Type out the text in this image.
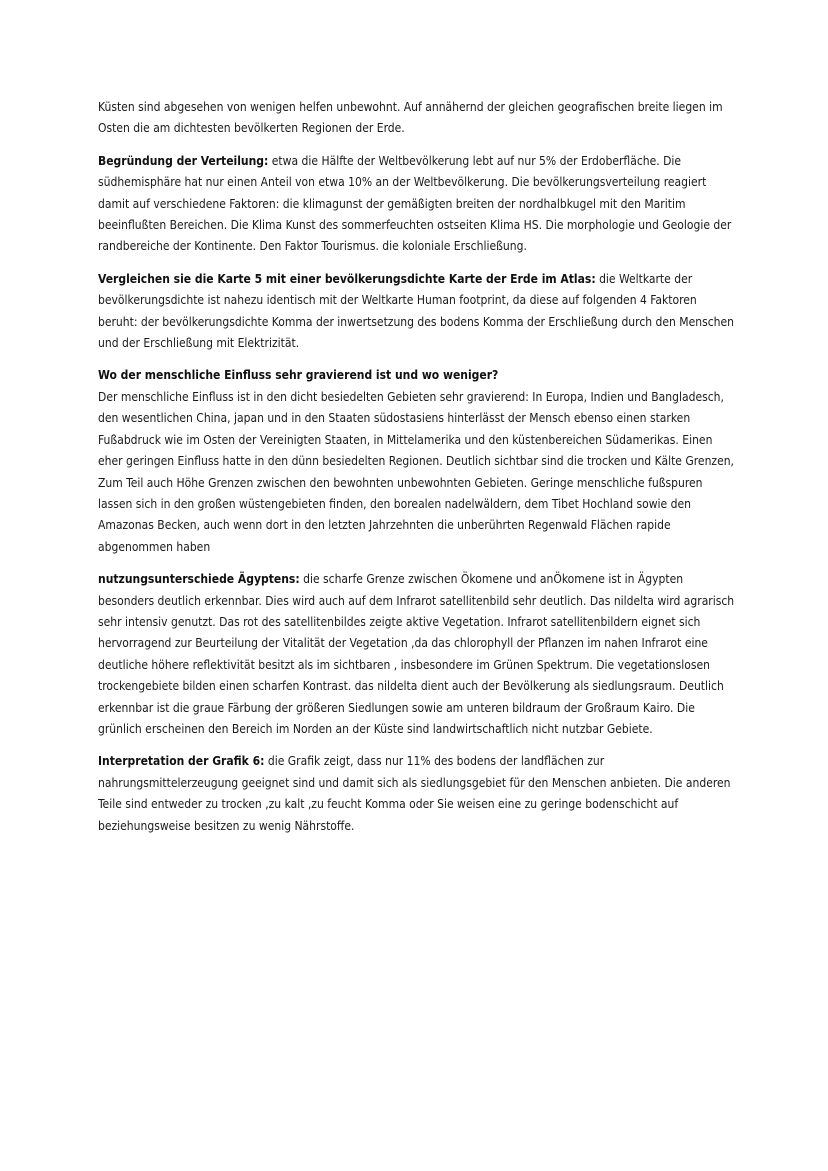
Küsten sind abgesehen von wenigen helfen unbewohnt. Auf annähernd der gleichen geografischen breite liegen im Osten die am dichtesten bevölkerten Regionen der Erde.

Begründung der Verteilung: etwa die Hälfte der Weltbevölkerung lebt auf nur 5% der Erdoberfläche. Die südhemisphäre hat nur einen Anteil von etwa 10% an der Weltbevölkerung. Die bevölkerungsverteilung reagiert damit auf verschiedene Faktoren: die klimagunst der gemäßigten breiten der nordhalbkugel mit den Maritim beeinflußten Bereichen. Die Klima Kunst des sommerfeuchten ostseiten Klima HS. Die morphologie und Geologie der randbereiche der Kontinente. Den Faktor Tourismus. die koloniale Erschließung.

Vergleichen sie die Karte 5 mit einer bevölkerungsdichte Karte der Erde im Atlas: die Weltkarte der bevölkerungsdichte ist nahezu identisch mit der Weltkarte Human footprint, da diese auf folgenden 4 Faktoren beruht: der bevölkerungsdichte Komma der inwertsetzung des bodens Komma der Erschließung durch den Menschen und der Erschließung mit Elektrizität.

Wo der menschliche Einfluss sehr gravierend ist und wo weniger?
Der menschliche Einfluss ist in den dicht besiedelten Gebieten sehr gravierend: In Europa, Indien und Bangladesch, den wesentlichen China, japan und in den Staaten südostasiens hinterlässt der Mensch ebenso einen starken Fußabdruck wie im Osten der Vereinigten Staaten, in Mittelamerika und den küstenbereichen Südamerikas. Einen eher geringen Einfluss hatte in den dünn besiedelten Regionen. Deutlich sichtbar sind die trocken und Kälte Grenzen, Zum Teil auch Höhe Grenzen zwischen den bewohnten unbewohnten Gebieten. Geringe menschliche fußspuren lassen sich in den großen wüstengebieten finden, den borealen nadelwäldern, dem Tibet Hochland sowie den Amazonas Becken, auch wenn dort in den letzten Jahrzehnten die unberührten Regenwald Flächen rapide abgenommen haben

nutzungsunterschiede Ägyptens: die scharfe Grenze zwischen Ökomene und anÖkomene ist in Ägypten besonders deutlich erkennbar. Dies wird auch auf dem Infrarot satellitenbild sehr deutlich. Das nildelta wird agrarisch sehr intensiv genutzt. Das rot des satellitenbildes zeigte aktive Vegetation. Infrarot satellitenbildern eignet sich hervorragend zur Beurteilung der Vitalität der Vegetation ,da das chlorophyll der Pflanzen im nahen Infrarot eine deutliche höhere reflektivität besitzt als im sichtbaren , insbesondere im Grünen Spektrum. Die vegetationslosen trockengebiete bilden einen scharfen Kontrast. das nildelta dient auch der Bevölkerung als siedlungsraum. Deutlich erkennbar ist die graue Färbung der größeren Siedlungen sowie am unteren bildraum der Großraum Kairo. Die grünlich erscheinen den Bereich im Norden an der Küste sind landwirtschaftlich nicht nutzbar Gebiete.

Interpretation der Grafik 6: die Grafik zeigt, dass nur 11% des bodens der landflächen zur nahrungsmittelerzeugung geeignet sind und damit sich als siedlungsgebiet für den Menschen anbieten. Die anderen Teile sind entweder zu trocken ,zu kalt ,zu feucht Komma oder Sie weisen eine zu geringe bodenschicht auf beziehungsweise besitzen zu wenig Nährstoffe.
